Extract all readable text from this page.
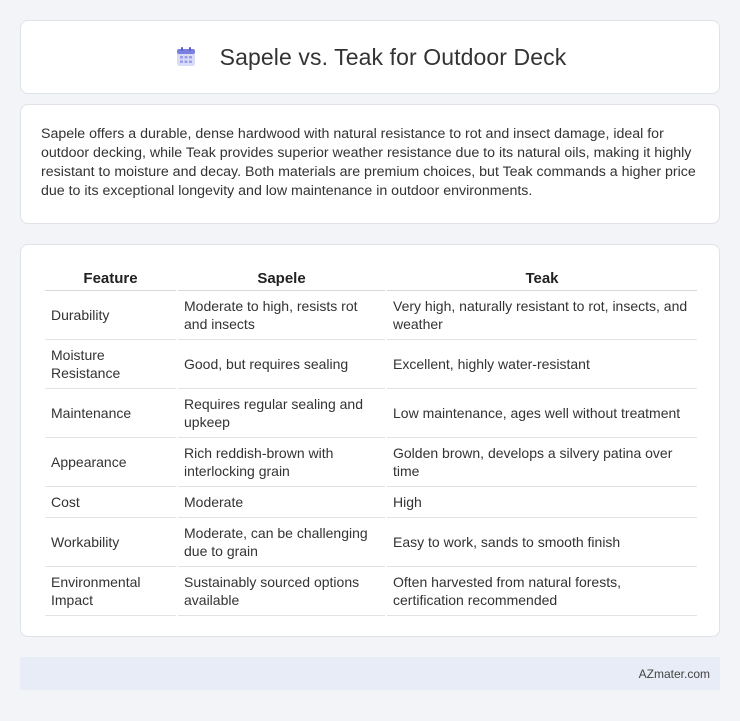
Sapele vs. Teak for Outdoor Deck

Sapele offers a durable, dense hardwood with natural resistance to rot and insect damage, ideal for outdoor decking, while Teak provides superior weather resistance due to its natural oils, making it highly resistant to moisture and decay. Both materials are premium choices, but Teak commands a higher price due to its exceptional longevity and low maintenance in outdoor environments.

Feature	Sapele	Teak
Durability	Moderate to high, resists rot and insects	Very high, naturally resistant to rot, insects, and weather
Moisture Resistance	Good, but requires sealing	Excellent, highly water-resistant
Maintenance	Requires regular sealing and upkeep	Low maintenance, ages well without treatment
Appearance	Rich reddish-brown with interlocking grain	Golden brown, develops a silvery patina over time
Cost	Moderate	High
Workability	Moderate, can be challenging due to grain	Easy to work, sands to smooth finish
Environmental Impact	Sustainably sourced options available	Often harvested from natural forests, certification recommended
AZmater.com
